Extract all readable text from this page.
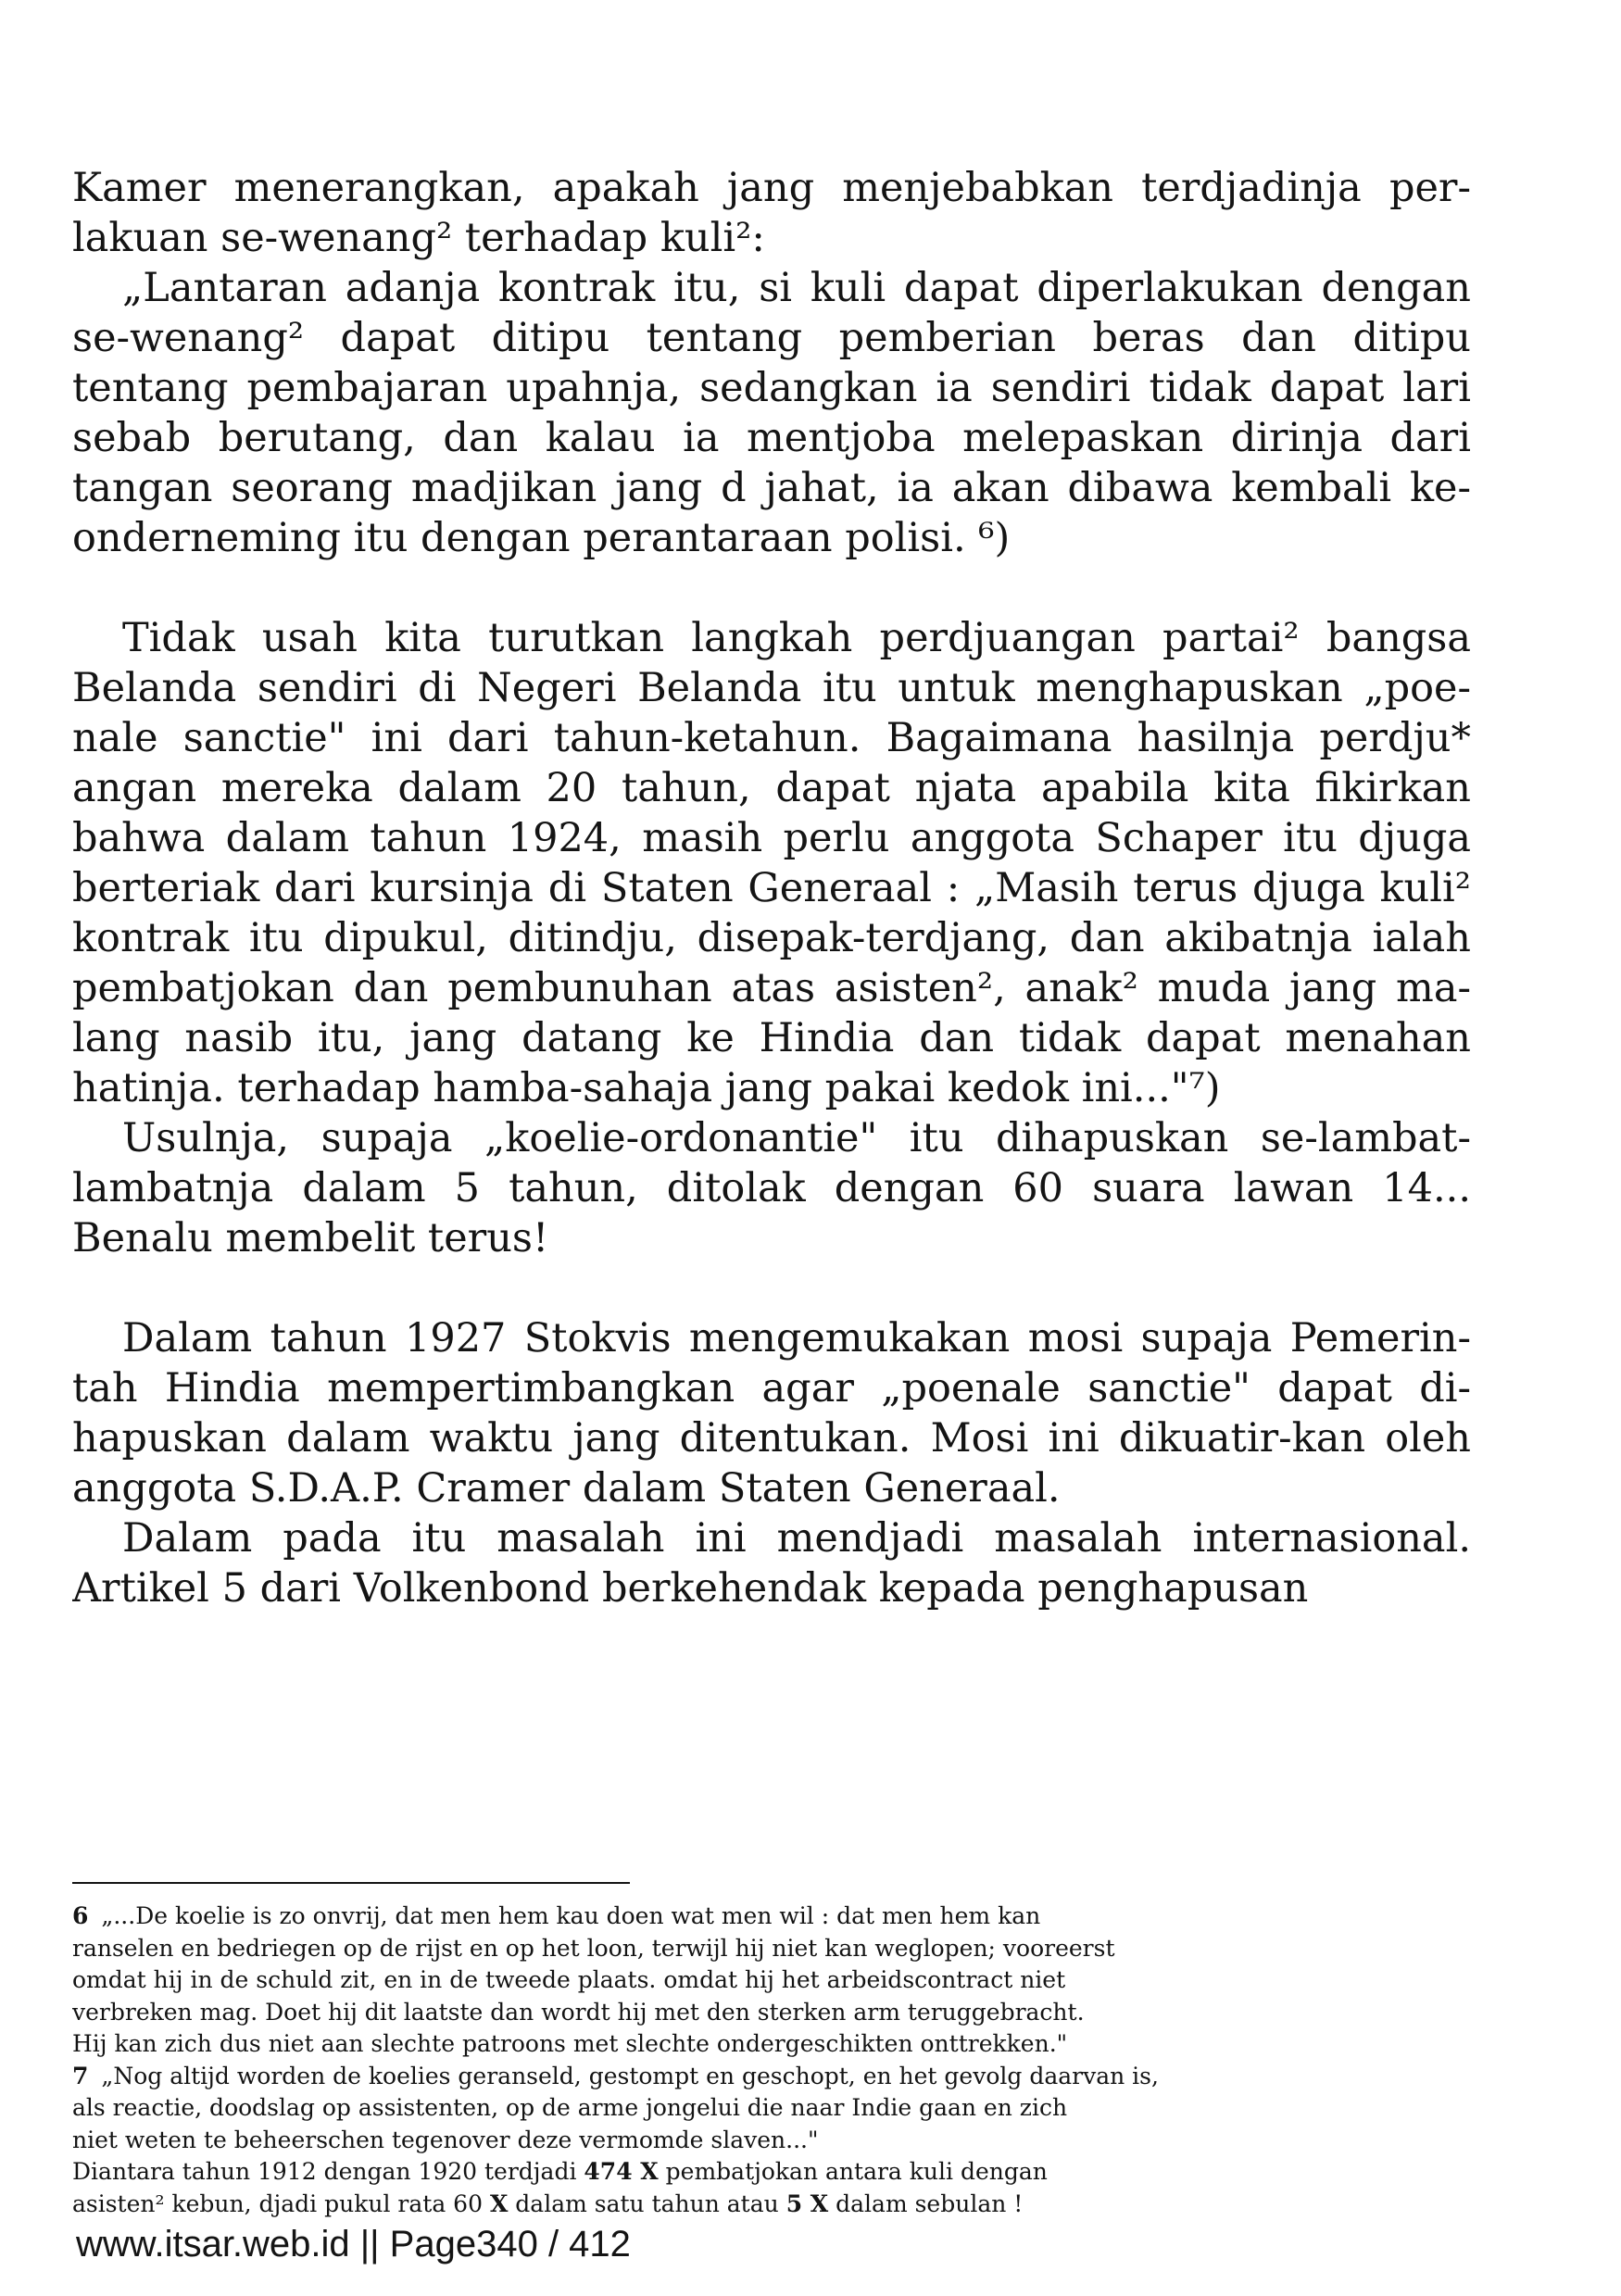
Kamer menerangkan, apakah jang menjebabkan terdjadinja per-
lakuan se-wenang² terhadap kuli²:
„Lantaran adanja kontrak itu, si kuli dapat diperlakukan dengan
se-wenang² dapat ditipu tentang pemberian beras dan ditipu
tentang pembajaran upahnja, sedangkan ia sendiri tidak dapat lari
sebab berutang, dan kalau ia mentjoba melepaskan dirinja dari
tangan seorang madjikan jang d jahat, ia akan dibawa kembali ke-
onderneming itu dengan perantaraan polisi. ⁶)
Tidak usah kita turutkan langkah perdjuangan partai² bangsa
Belanda sendiri di Negeri Belanda itu untuk menghapuskan „poe-
nale sanctie" ini dari tahun-ketahun. Bagaimana hasilnja perdju*
angan mereka dalam 20 tahun, dapat njata apabila kita fikirkan
bahwa dalam tahun 1924, masih perlu anggota Schaper itu djuga
berteriak dari kursinja di Staten Generaal : „Masih terus djuga kuli²
kontrak itu dipukul, ditindju, disepak-terdjang, dan akibatnja ialah
pembatjokan dan pembunuhan atas asisten², anak² muda jang ma-
lang nasib itu, jang datang ke Hindia dan tidak dapat menahan
hatinja. terhadap hamba-sahaja jang pakai kedok ini..."⁷)
Usulnja, supaja „koelie-ordonantie" itu dihapuskan se-lambat-
lambatnja dalam 5 tahun, ditolak dengan 60 suara lawan 14...
Benalu membelit terus!
Dalam tahun 1927 Stokvis mengemukakan mosi supaja Pemerin-
tah Hindia mempertimbangkan agar „poenale sanctie" dapat di-
hapuskan dalam waktu jang ditentukan. Mosi ini dikuatir-kan oleh
anggota S.D.A.P. Cramer dalam Staten Generaal.
Dalam pada itu masalah ini mendjadi masalah internasional.
Artikel 5 dari Volkenbond berkehendak kepada penghapusan
6 „...De koelie is zo onvrij, dat men hem kau doen wat men wil : dat men hem kan
ranselen en bedriegen op de rijst en op het loon, terwijl hij niet kan weglopen; vooreerst
omdat hij in de schuld zit, en in de tweede plaats. omdat hij het arbeidscontract niet
verbreken mag. Doet hij dit laatste dan wordt hij met den sterken arm teruggebracht.
Hij kan zich dus niet aan slechte patroons met slechte ondergeschikten onttrekken."
7 „Nog altijd worden de koelies geranseld, gestompt en geschopt, en het gevolg daarvan is,
als reactie, doodslag op assistenten, op de arme jongelui die naar Indie gaan en zich
niet weten te beheerschen tegenover deze vermomde slaven..."
Diantara tahun 1912 dengan 1920 terdjadi 474 X pembatjokan antara kuli dengan
asisten² kebun, djadi pukul rata 60 X dalam satu tahun atau 5 X dalam sebulan !
www.itsar.web.id || Page340 / 412
